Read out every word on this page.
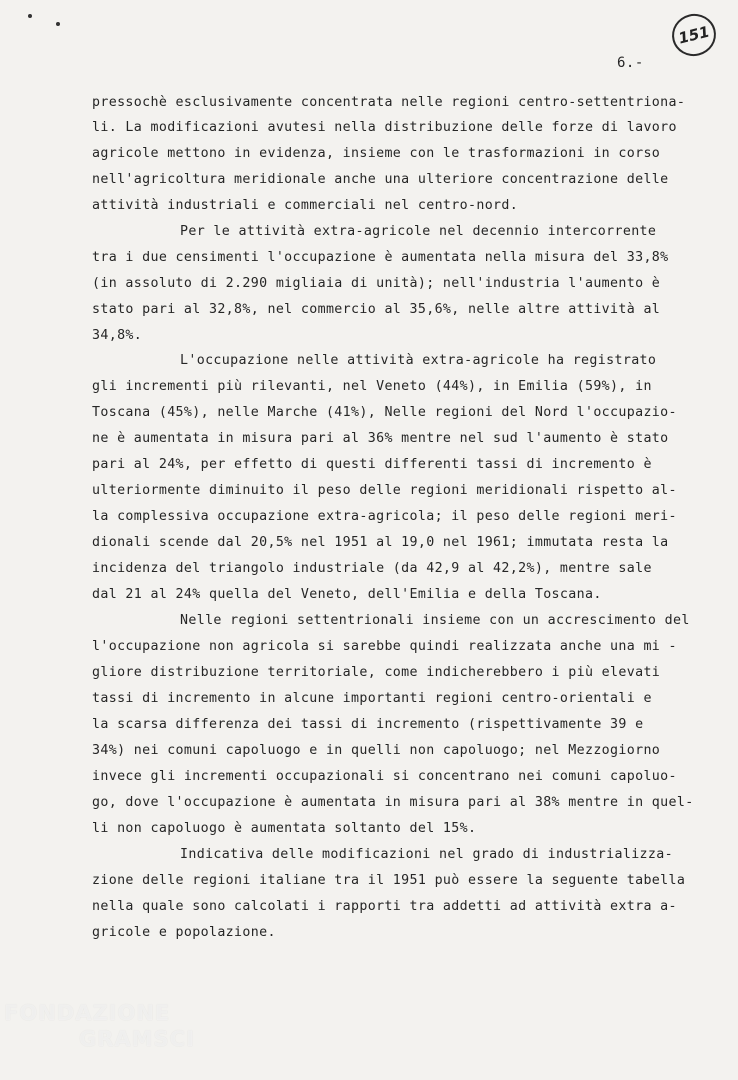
151
6.-
pressochè esclusivamente concentrata nelle regioni centro-settentriona-
li. La modificazioni avutesi nella distribuzione delle forze di lavoro
agricole mettono in evidenza, insieme con le trasformazioni in corso
nell'agricoltura meridionale anche una ulteriore concentrazione delle
attività industriali e commerciali nel centro-nord.
Per le attività extra-agricole nel decennio intercorrente
tra i due censimenti l'occupazione è aumentata nella misura del 33,8%
(in assoluto di 2.290 migliaia di unità); nell'industria l'aumento è
stato pari al 32,8%, nel commercio al 35,6%, nelle altre attività al
34,8%.
L'occupazione nelle attività extra-agricole ha registrato
gli incrementi più rilevanti, nel Veneto (44%), in Emilia (59%), in
Toscana (45%), nelle Marche (41%), Nelle regioni del Nord l'occupazio-
ne è aumentata in misura pari al 36% mentre nel sud l'aumento è stato
pari al 24%, per effetto di questi differenti tassi di incremento è
ulteriormente diminuito il peso delle regioni meridionali rispetto al-
la complessiva occupazione extra-agricola; il peso delle regioni meri-
dionali scende dal 20,5% nel 1951 al 19,0 nel 1961; immutata resta la
incidenza del triangolo industriale (da 42,9 al 42,2%), mentre sale
dal 21 al 24% quella del Veneto, dell'Emilia e della Toscana.
Nelle regioni settentrionali insieme con un accrescimento del
l'occupazione non agricola si sarebbe quindi realizzata anche una mi -
gliore distribuzione territoriale, come indicherebbero i più elevati
tassi di incremento in alcune importanti regioni centro-orientali e
la scarsa differenza dei tassi di incremento (rispettivamente 39 e
34%) nei comuni capoluogo e in quelli non capoluogo; nel Mezzogiorno
invece gli incrementi occupazionali si concentrano nei comuni capoluo-
go, dove l'occupazione è aumentata in misura pari al 38% mentre in quel-
li non capoluogo è aumentata soltanto del 15%.
Indicativa delle modificazioni nel grado di industrializza-
zione delle regioni italiane tra il 1951 può essere la seguente tabella
nella quale sono calcolati i rapporti tra addetti ad attività extra a-
gricole e popolazione.
FONDAZIONE
GRAMSCI
